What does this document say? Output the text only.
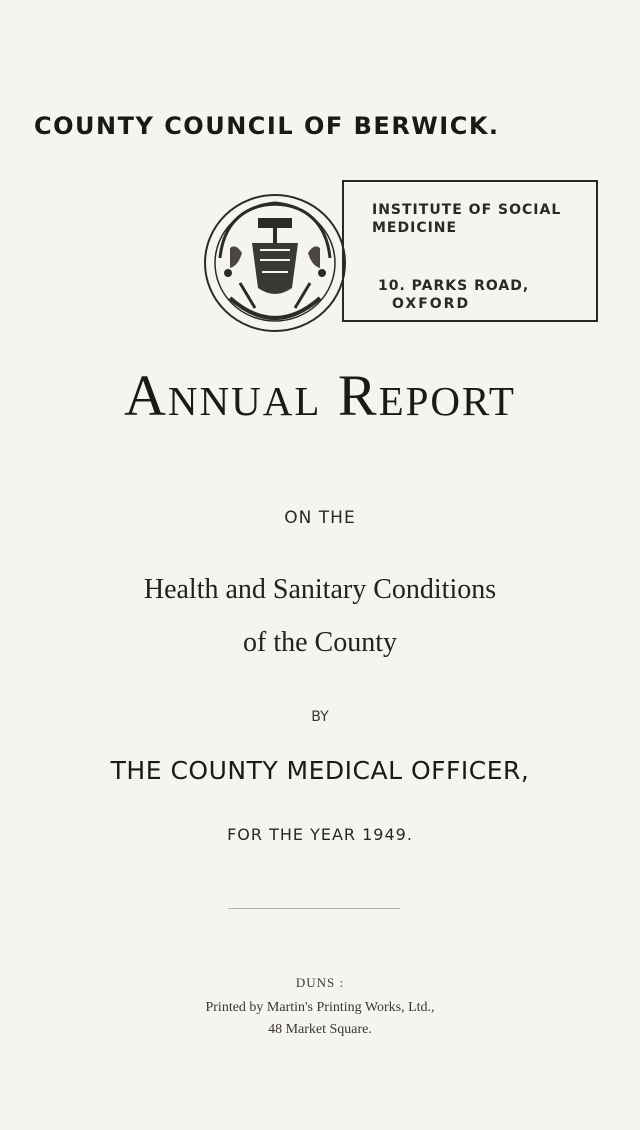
COUNTY COUNCIL OF BERWICK.
INSTITUTE OF SOCIAL
MEDICINE
10. PARKS ROAD,
OXFORD
Annual Report
ON THE
Health and Sanitary Conditions
of the County
BY
THE COUNTY MEDICAL OFFICER,
FOR THE YEAR 1949.
DUNS :
Printed by Martin's Printing Works, Ltd.,
48 Market Square.
